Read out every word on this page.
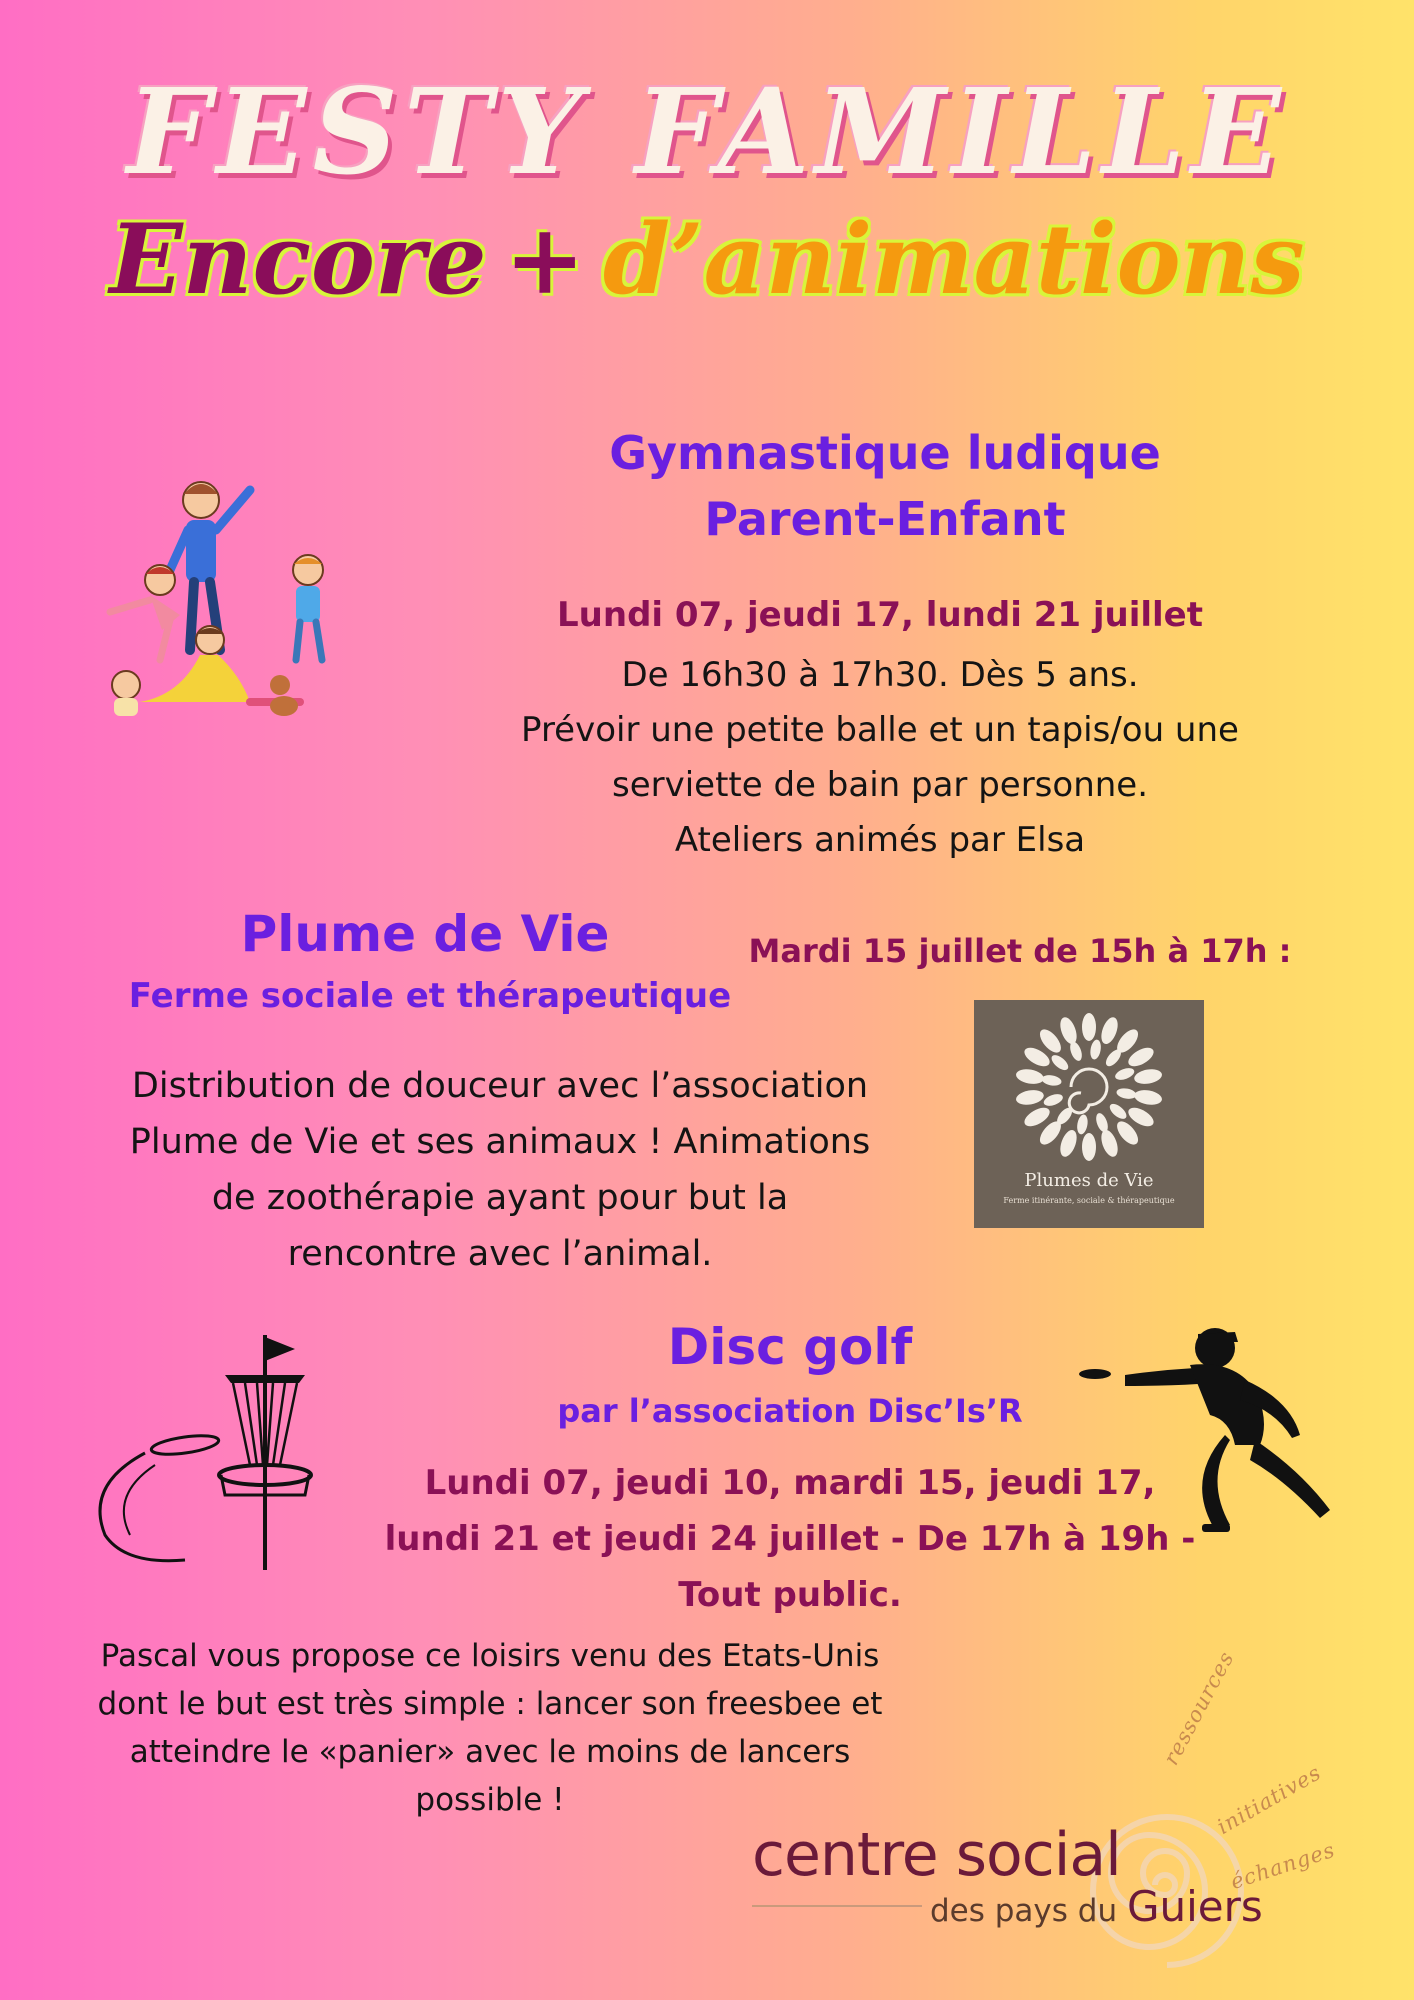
FESTY FAMILLE
Encore + d’animations
Gymnastique ludique
Parent-Enfant
Lundi 07, jeudi 17, lundi 21 juillet
De 16h30 à 17h30. Dès 5 ans.
Prévoir une petite balle et un tapis/ou une
serviette de bain par personne.
Ateliers animés par Elsa
Plume de Vie
Ferme sociale et thérapeutique
Mardi 15 juillet de 15h à 17h :
Distribution de douceur avec l’association
Plume de Vie et ses animaux ! Animations
de zoothérapie ayant pour but la
rencontre avec l’animal.
Plumes de Vie
Ferme itinérante, sociale & thérapeutique
Disc golf
par l’association Disc’Is’R
Lundi 07, jeudi 10, mardi 15, jeudi 17,
lundi 21 et jeudi 24 juillet - De 17h à 19h -
Tout public.
Pascal vous propose ce loisirs venu des Etats-Unis
dont le but est très simple : lancer son freesbee et
atteindre le «panier» avec le moins de lancers
possible !
centre social
des pays du Guiers
ressources
initiatives
échanges
